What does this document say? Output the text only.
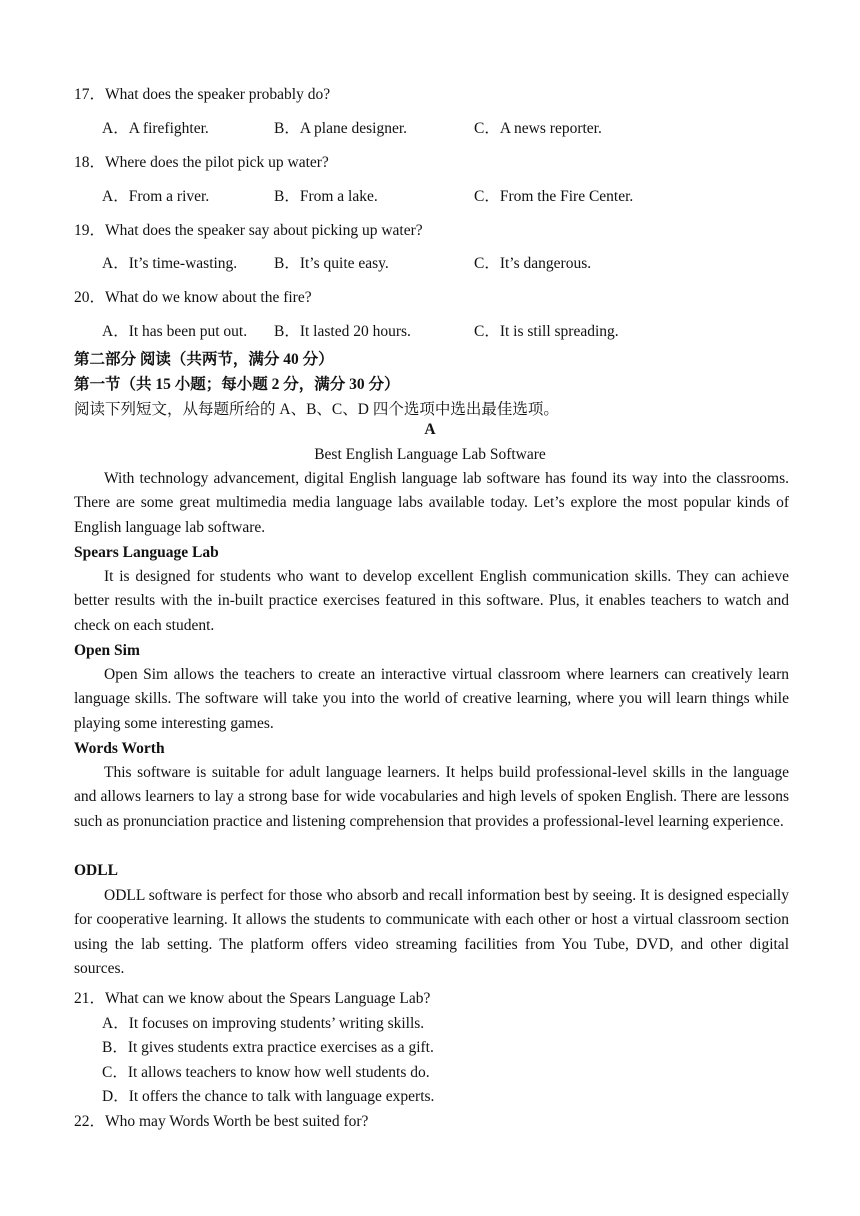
17．What does the speaker probably do?
A．A firefighter.	B．A plane designer.	C．A news reporter.
18．Where does the pilot pick up water?
A．From a river.	B．From a lake.	C．From the Fire Center.
19．What does the speaker say about picking up water?
A．It’s time-wasting. B．It’s quite easy.	C．It’s dangerous.
20．What do we know about the fire?
A．It has been put out. B．It lasted 20 hours.	C．It is still spreading.
第二部分 阅读（共两节，满分 40 分）
第一节（共 15 小题；每小题 2 分，满分 30 分）
阅读下列短文，从每题所给的 A、B、C、D 四个选项中选出最佳选项。
A
Best English Language Lab Software

With technology advancement, digital English language lab software has found its way into the classrooms. There are some great multimedia media language labs available today. Let’s explore the most popular kinds of English language lab software.

Spears Language Lab

It is designed for students who want to develop excellent English communication skills. They can achieve better results with the in-built practice exercises featured in this software. Plus, it enables teachers to watch and check on each student.

Open Sim

Open Sim allows the teachers to create an interactive virtual classroom where learners can creatively learn language skills. The software will take you into the world of creative learning, where you will learn things while playing some interesting games.

Words Worth

This software is suitable for adult language learners. It helps build professional-level skills in the language and allows learners to lay a strong base for wide vocabularies and high levels of spoken English. There are lessons such as pronunciation practice and listening comprehension that provides a professional-level learning experience.

ODLL

ODLL software is perfect for those who absorb and recall information best by seeing. It is designed especially for cooperative learning. It allows the students to communicate with each other or host a virtual classroom section using the lab setting. The platform offers video streaming facilities from You Tube, DVD, and other digital sources.

21．What can we know about the Spears Language Lab?
A．It focuses on improving students’ writing skills.
B．It gives students extra practice exercises as a gift.
C．It allows teachers to know how well students do.
D．It offers the chance to talk with language experts.
22．Who may Words Worth be best suited for?
